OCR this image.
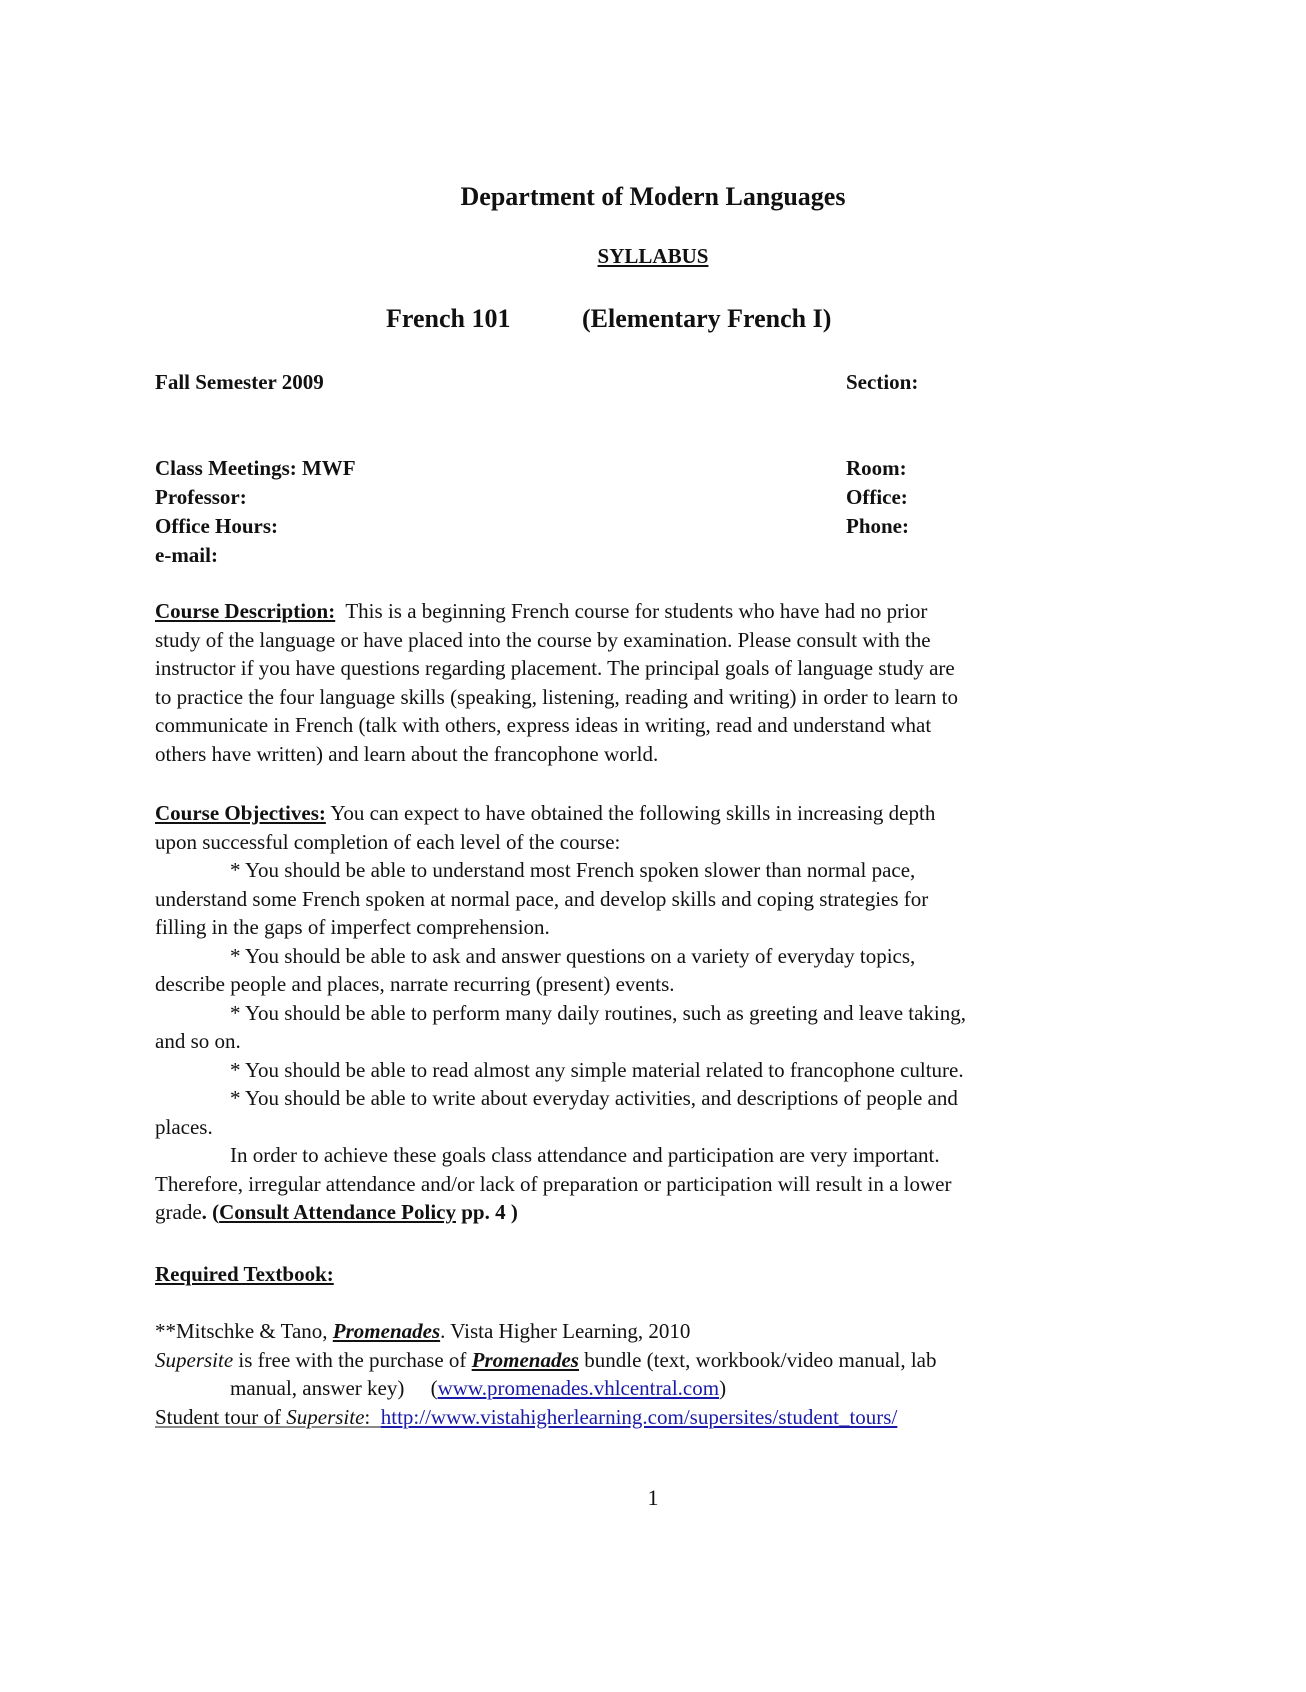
Department of Modern Languages
SYLLABUS
French 101	(Elementary French I)
Fall Semester 2009	Section:
Class Meetings: MWF
Professor:
Office Hours:
e-mail:
Room:
Office:
Phone:
Course Description:  This is a beginning French course for students who have had no prior
study of the language or have placed into the course by examination. Please consult with the
instructor if you have questions regarding placement. The principal goals of language study are
to practice the four language skills (speaking, listening, reading and writing) in order to learn to
communicate in French (talk with others, express ideas in writing, read and understand what
others have written) and learn about the francophone world.
Course Objectives: You can expect to have obtained the following skills in increasing depth
upon successful completion of each level of the course:
* You should be able to understand most French spoken slower than normal pace,
understand some French spoken at normal pace, and develop skills and coping strategies for
filling in the gaps of imperfect comprehension.
* You should be able to ask and answer questions on a variety of everyday topics,
describe people and places, narrate recurring (present) events.
* You should be able to perform many daily routines, such as greeting and leave taking,
and so on.
* You should be able to read almost any simple material related to francophone culture.
* You should be able to write about everyday activities, and descriptions of people and
places.
In order to achieve these goals class attendance and participation are very important.
Therefore, irregular attendance and/or lack of preparation or participation will result in a lower
grade. (Consult Attendance Policy pp. 4 )
Required Textbook:
**Mitschke & Tano, Promenades. Vista Higher Learning, 2010
Supersite is free with the purchase of Promenades bundle (text, workbook/video manual, lab
manual, answer key)     (www.promenades.vhlcentral.com)
Student tour of Supersite:  http://www.vistahigherlearning.com/supersites/student_tours/
1
